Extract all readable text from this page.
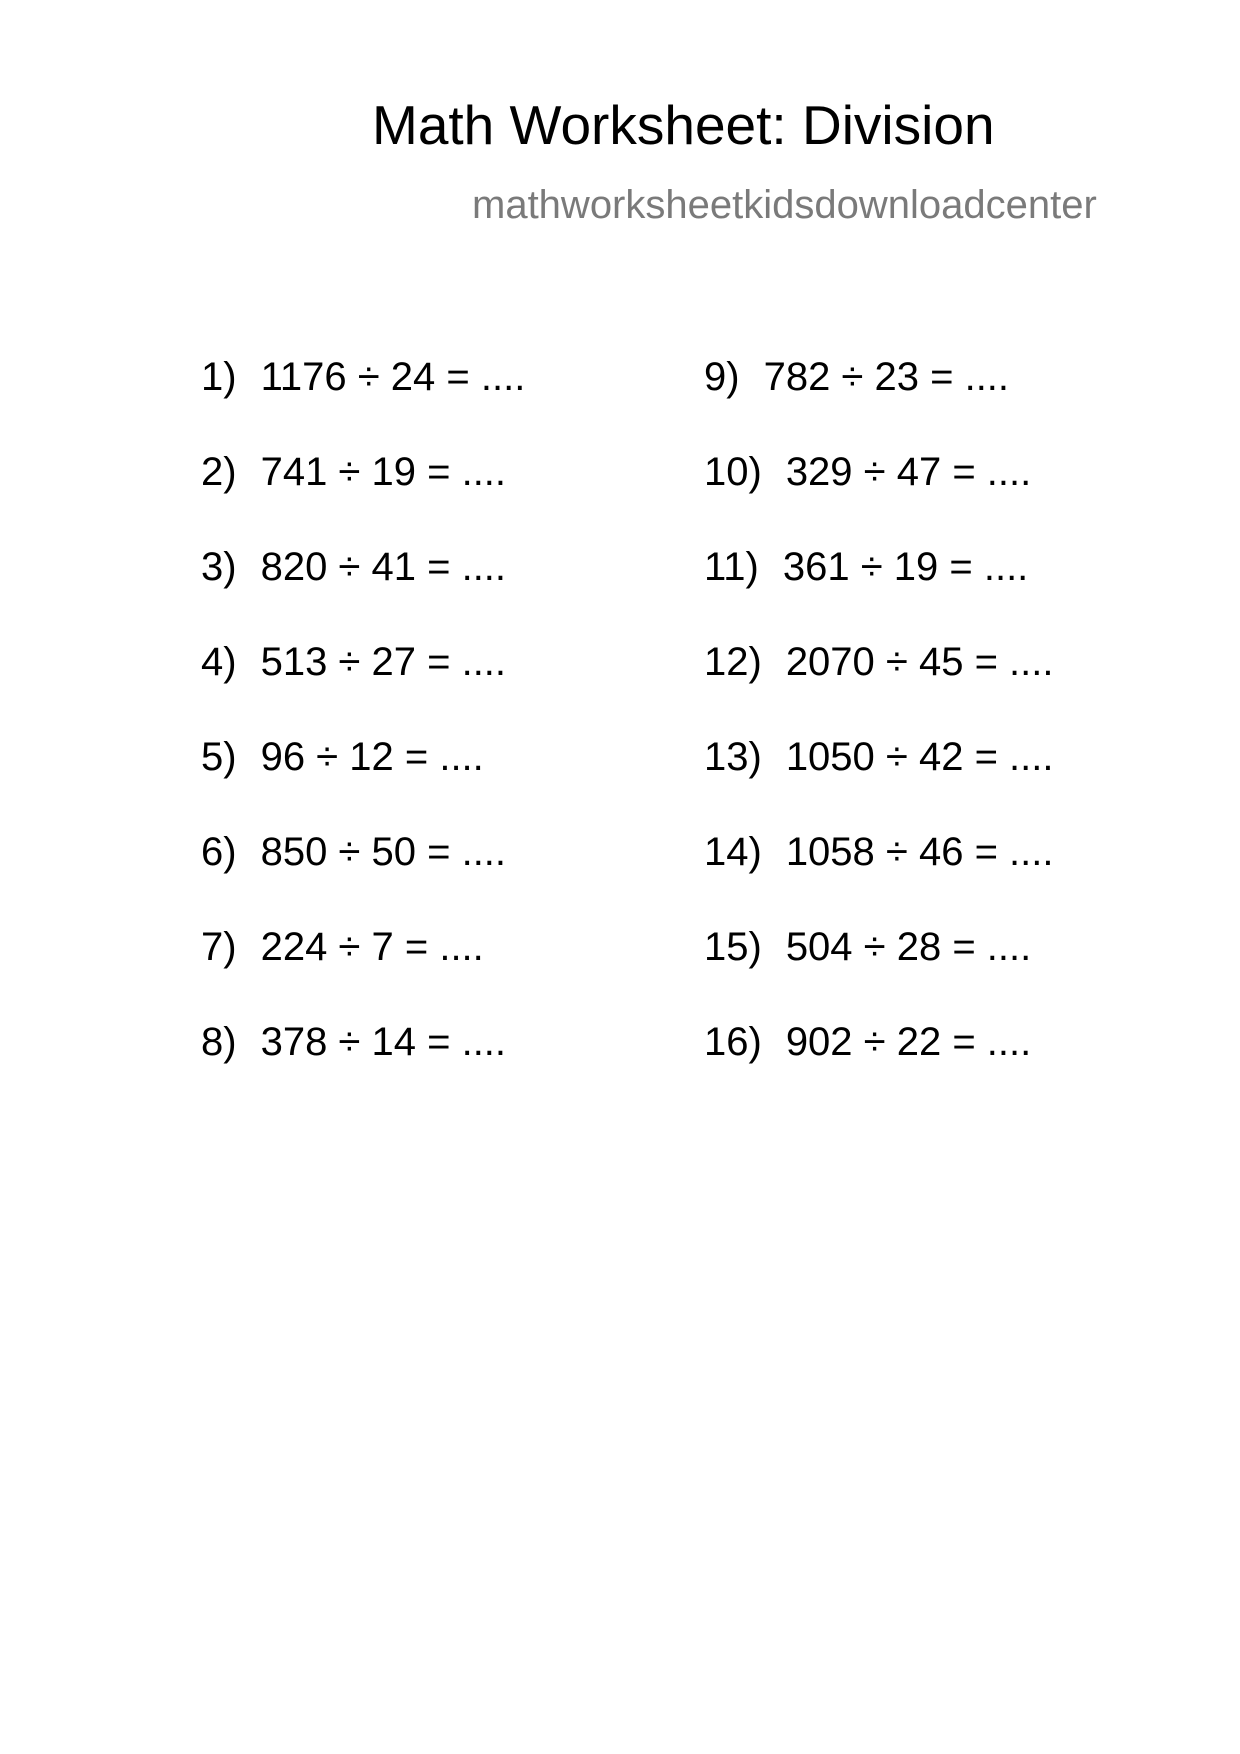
Math Worksheet: Division
mathworksheetkidsdownloadcenter
1) 1176 ÷ 24 = ....
2) 741 ÷ 19 = ....
3) 820 ÷ 41 = ....
4) 513 ÷ 27 = ....
5) 96 ÷ 12 = ....
6) 850 ÷ 50 = ....
7) 224 ÷ 7 = ....
8) 378 ÷ 14 = ....
9) 782 ÷ 23 = ....
10) 329 ÷ 47 = ....
11) 361 ÷ 19 = ....
12) 2070 ÷ 45 = ....
13) 1050 ÷ 42 = ....
14) 1058 ÷ 46 = ....
15) 504 ÷ 28 = ....
16) 902 ÷ 22 = ....
